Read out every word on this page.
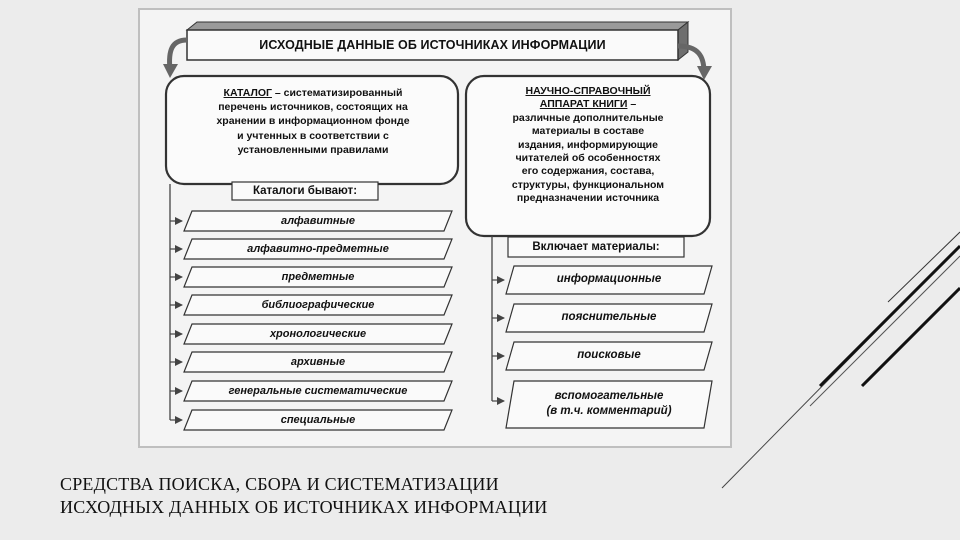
ИСХОДНЫЕ ДАННЫЕ ОБ ИСТОЧНИКАХ ИНФОРМАЦИИ
КАТАЛОГ – систематизированный
перечень источников, состоящих на
хранении в информационном фонде
и учтенных в соответствии с
установленными правилами
НАУЧНО-СПРАВОЧНЫЙ
АППАРАТ КНИГИ –
различные дополнительные
материалы в составе
издания, информирующие
читателей об особенностях
его содержания, состава,
структуры, функциональном
предназначении источника
Каталоги бывают:
Включает материалы:
алфавитные
алфавитно-предметные
предметные
библиографические
хронологические
архивные
генеральные систематические
специальные
информационные
пояснительные
поисковые
вспомогательные
(в т.ч. комментарий)
СРЕДСТВА ПОИСКА, СБОРА И СИСТЕМАТИЗАЦИИ
ИСХОДНЫХ ДАННЫХ ОБ ИСТОЧНИКАХ ИНФОРМАЦИИ
